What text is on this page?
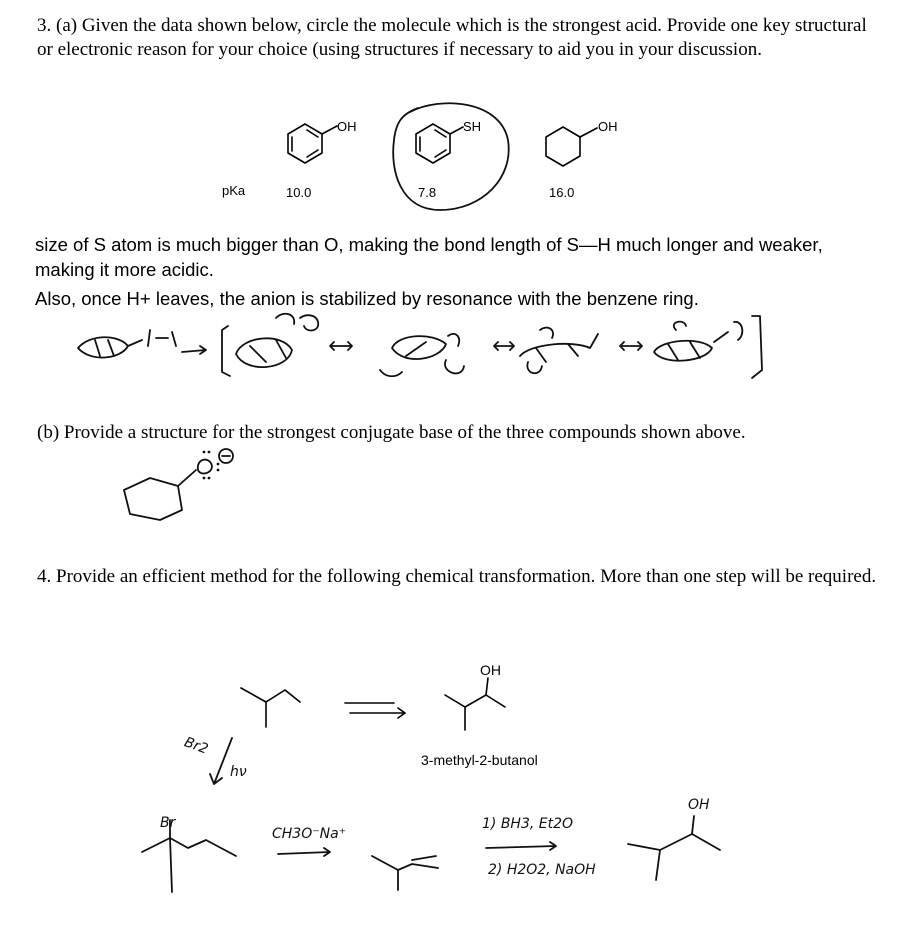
3. (a) Given the data shown below, circle the molecule which is the strongest acid. Provide one key structural or electronic reason for your choice (using structures if necessary to aid you in your discussion.
pKa	10.0	7.8	16.0
OH	SH	OH
size of S atom is much bigger than O, making the bond length of S—H much longer and weaker, making it more acidic.
Also, once H+ leaves, the anion is stabilized by resonance with the benzene ring.
(b) Provide a structure for the strongest conjugate base of the three compounds shown above.
4. Provide an efficient method for the following chemical transformation. More than one step will be required.
OH
3-methyl-2-butanol
Br2
hν
Br
CH3O⁻Na⁺
1) BH3, Et2O
2) H2O2, NaOH
OH
